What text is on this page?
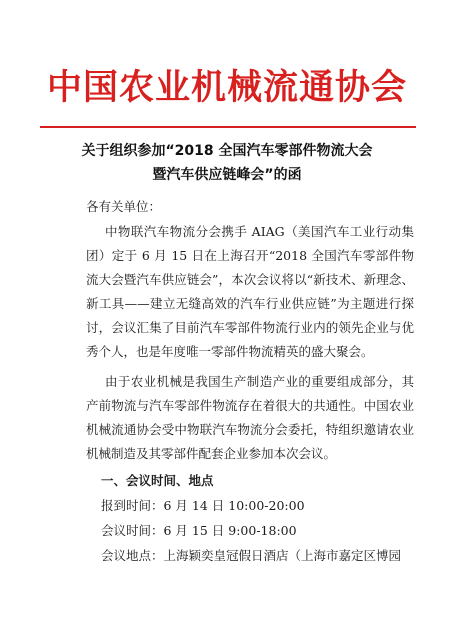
中国农业机械流通协会
关于组织参加“2018 全国汽车零部件物流大会
暨汽车供应链峰会”的函
各有关单位：
中物联汽车物流分会携手 AIAG（美国汽车工业行动集
团）定于 6 月 15 日在上海召开“2018 全国汽车零部件物
流大会暨汽车供应链会”，本次会议将以“新技术、新理念、
新工具——建立无缝高效的汽车行业供应链”为主题进行探
讨，会议汇集了目前汽车零部件物流行业内的领先企业与优
秀个人，也是年度唯一零部件物流精英的盛大聚会。
由于农业机械是我国生产制造产业的重要组成部分，其
产前物流与汽车零部件物流存在着很大的共通性。中国农业
机械流通协会受中物联汽车物流分会委托，特组织邀请农业
机械制造及其零部件配套企业参加本次会议。
一、会议时间、地点
报到时间：6 月 14 日 10:00-20:00
会议时间：6 月 15 日 9:00-18:00
会议地点：上海颖奕皇冠假日酒店（上海市嘉定区博园
